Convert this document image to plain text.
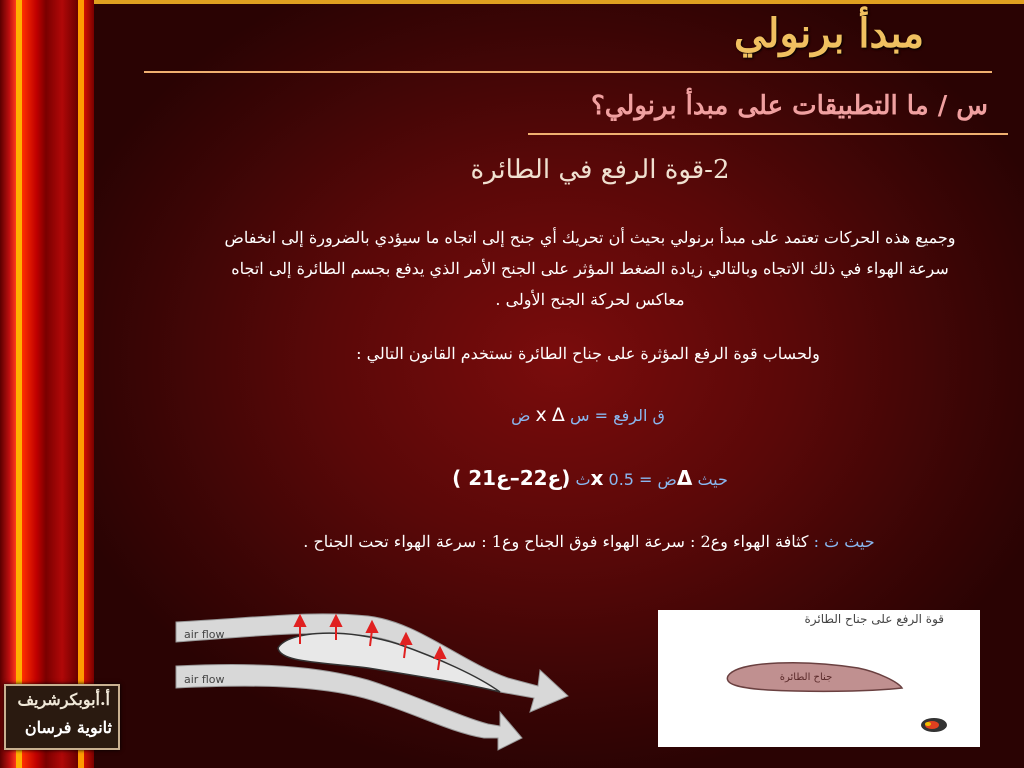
مبدأ برنولي
س / ما التطبيقات على مبدأ برنولي؟
2-قوة الرفع في الطائرة
وجميع هذه الحركات تعتمد على مبدأ برنولي بحيث أن تحريك أي جنح إلى اتجاه ما سيؤدي بالضرورة إلى انخفاض سرعة الهواء في ذلك الاتجاه وبالتالي زيادة الضغط المؤثر على الجنح الأمر الذي يدفع بجسم الطائرة إلى اتجاه معاكس لحركة الجنح الأولى .
ولحساب قوة الرفع المؤثرة على جناح الطائرة نستخدم القانون التالي :
ق الرفع = س x Δ ض
حيث Δض = 0.5 xث (ع22–ع21 )
حيث ث : كثافة الهواء وع2 : سرعة الهواء فوق الجناح وع1 : سرعة الهواء تحت الجناح .
air flow
air flow
قوة الرفع على جناح الطائرة
جناح الطائرة
أ.أبوبكرشريف
ثانوية فرسان
